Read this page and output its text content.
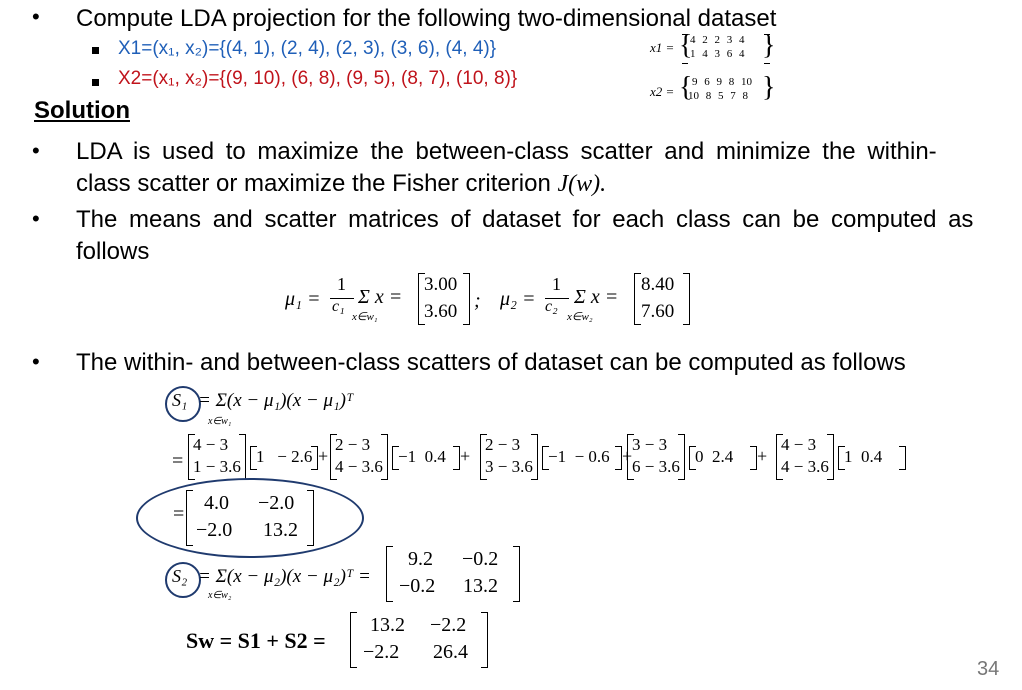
• Compute LDA projection for the following two-dimensional dataset
X1=(x₁, x₂)={(4, 1), (2, 4), (2, 3), (3, 6), (4, 4)}
X2=(x₁, x₂)={(9, 10), (6, 8), (9, 5), (8, 7), (10, 8)}
x1 = {
4 2 2 3 4
1 4 3 6 4 }
x2 = { 9 6 9 8 10
10 8 5 7 8 }
Solution
• LDA is used to maximize the between-class scatter and minimize the within-
class scatter or maximize the Fisher criterion J(w).
• The means and scatter matrices of dataset for each class can be computed as
follows
μ₁ =
1
c₁ Σ x =
x∈w₁
3.00
3.60 ; μ₂ =
1
c₂ Σ x =
x∈w₂
8.40
7.60
• The within- and between-class scatters of dataset can be computed as follows
S₁ = Σ(x − μ₁)(x − μ₁)ᵀ
x∈w₁
=
4 − 3
1 − 3.6
1   − 2.6 +
2 − 3
4 − 3.6
−1  0.4 +
2 − 3
3 − 3.6
−1  − 0.6 +
3 − 3
6 − 3.6
0  2.4 +
4 − 3
4 − 3.6
1  0.4
= 4.0 −2.0
−2.0 13.2
S₂ = Σ(x − μ₂)(x − μ₂)ᵀ =
x∈w₂
9.2 −0.2
−0.2 13.2
Sw = S1 + S2 =
13.2 −2.2
−2.2 26.4
34
